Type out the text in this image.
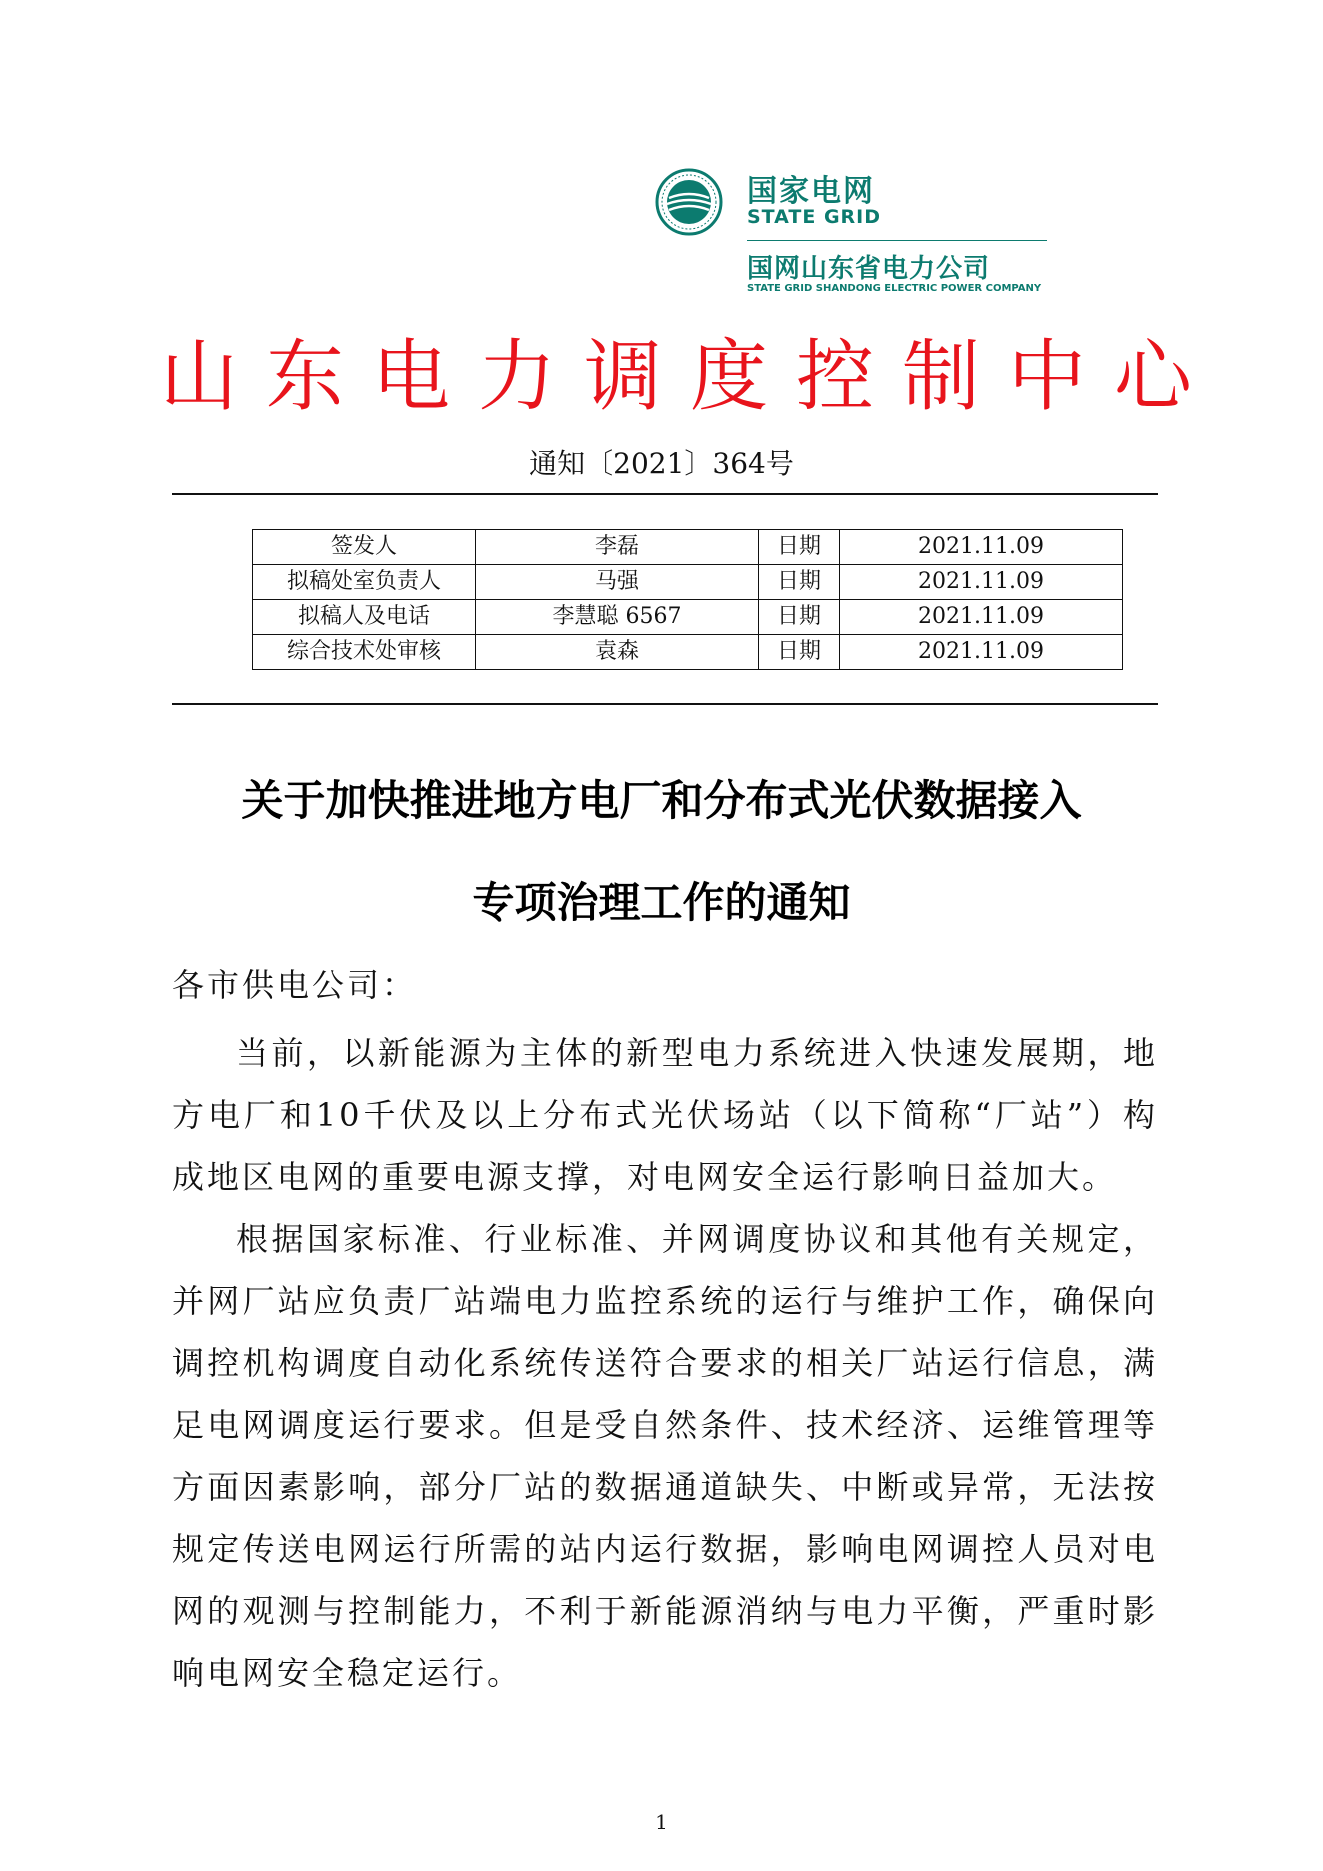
国家电网
STATE GRID
国网山东省电力公司
STATE GRID SHANDONG ELECTRIC POWER COMPANY
山东电力调度控制中心
通知〔2021〕364号
签发人	李磊	日期	2021.11.09
拟稿处室负责人	马强	日期	2021.11.09
拟稿人及电话	李慧聪 6567	日期	2021.11.09
综合技术处审核	袁森	日期	2021.11.09
关于加快推进地方电厂和分布式光伏数据接入
专项治理工作的通知
各市供电公司：

当前，以新能源为主体的新型电力系统进入快速发展期，地方电厂和10千伏及以上分布式光伏场站（以下简称“厂站”）构成地区电网的重要电源支撑，对电网安全运行影响日益加大。

根据国家标准、行业标准、并网调度协议和其他有关规定，并网厂站应负责厂站端电力监控系统的运行与维护工作，确保向调控机构调度自动化系统传送符合要求的相关厂站运行信息，满足电网调度运行要求。但是受自然条件、技术经济、运维管理等方面因素影响，部分厂站的数据通道缺失、中断或异常，无法按规定传送电网运行所需的站内运行数据，影响电网调控人员对电网的观测与控制能力，不利于新能源消纳与电力平衡，严重时影响电网安全稳定运行。

1
